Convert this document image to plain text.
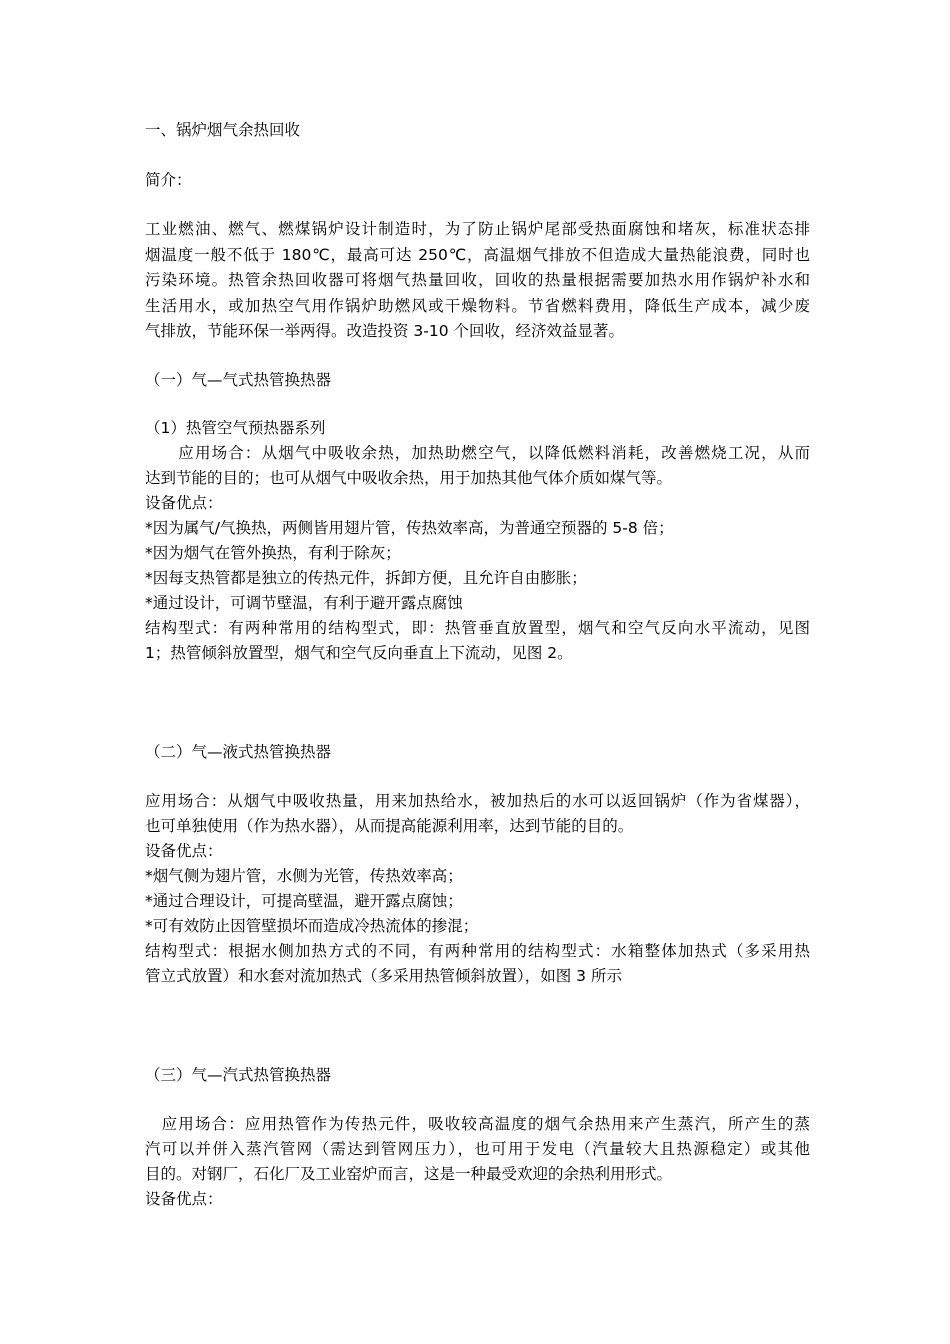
一、锅炉烟气余热回收
简介：
工业燃油、燃气、燃煤锅炉设计制造时，为了防止锅炉尾部受热面腐蚀和堵灰，标准状态排
烟温度一般不低于 180℃，最高可达 250℃，高温烟气排放不但造成大量热能浪费，同时也
污染环境。热管余热回收器可将烟气热量回收，回收的热量根据需要加热水用作锅炉补水和
生活用水，或加热空气用作锅炉助燃风或干燥物料。节省燃料费用，降低生产成本，减少废
气排放，节能环保一举两得。改造投资 3-10 个回收，经济效益显著。
（一）气—气式热管换热器
（1）热管空气预热器系列
　　应用场合：从烟气中吸收余热，加热助燃空气，以降低燃料消耗，改善燃烧工况，从而
达到节能的目的；也可从烟气中吸收余热，用于加热其他气体介质如煤气等。
设备优点：
*因为属气/气换热，两侧皆用翅片管，传热效率高，为普通空预器的 5-8 倍；
*因为烟气在管外换热，有利于除灰；
*因每支热管都是独立的传热元件，拆卸方便，且允许自由膨胀；
*通过设计，可调节壁温，有利于避开露点腐蚀
结构型式：有两种常用的结构型式，即：热管垂直放置型，烟气和空气反向水平流动，见图
1；热管倾斜放置型，烟气和空气反向垂直上下流动，见图 2。
（二）气—液式热管换热器
应用场合：从烟气中吸收热量，用来加热给水，被加热后的水可以返回锅炉（作为省煤器），
也可单独使用（作为热水器），从而提高能源利用率，达到节能的目的。
设备优点：
*烟气侧为翅片管，水侧为光管，传热效率高；
*通过合理设计，可提高壁温，避开露点腐蚀；
*可有效防止因管壁损坏而造成冷热流体的掺混；
结构型式：根据水侧加热方式的不同，有两种常用的结构型式：水箱整体加热式（多采用热
管立式放置）和水套对流加热式（多采用热管倾斜放置），如图 3 所示
（三）气—汽式热管换热器
　应用场合：应用热管作为传热元件，吸收较高温度的烟气余热用来产生蒸汽，所产生的蒸
汽可以并併入蒸汽管网（需达到管网压力），也可用于发电（汽量较大且热源稳定）或其他
目的。对钢厂，石化厂及工业窑炉而言，这是一种最受欢迎的余热利用形式。
设备优点：
